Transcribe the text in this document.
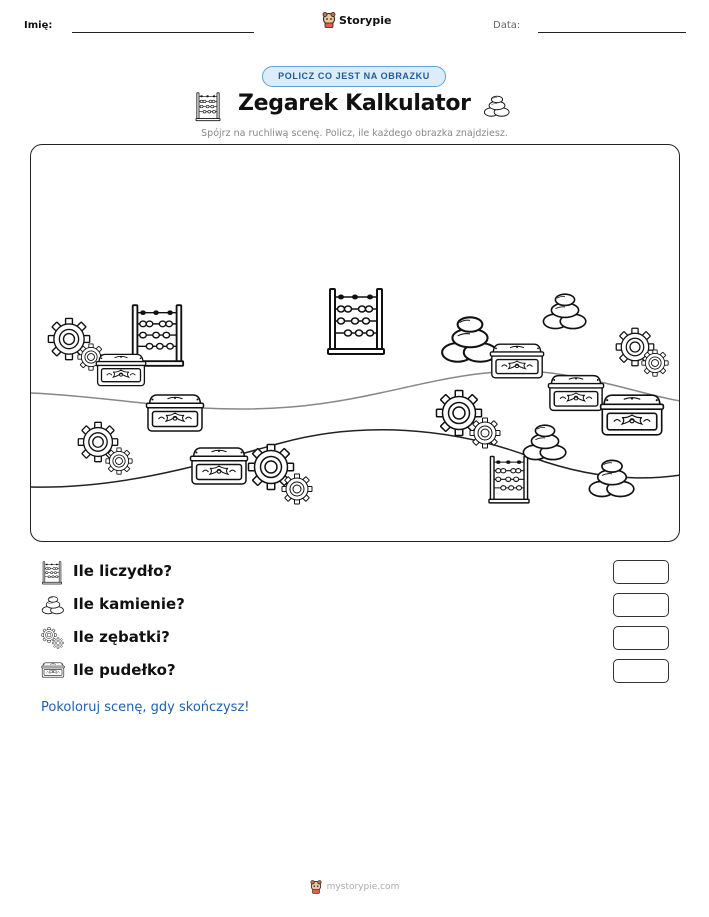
Imię:	Storypie	Data:
POLICZ CO JEST NA OBRAZKU
Zegarek Kalkulator
Spójrz na ruchliwą scenę. Policz, ile każdego obrazka znajdziesz.
Ile liczydło?
Ile kamienie?
Ile zębatki?
Ile pudełko?
Pokoloruj scenę, gdy skończysz!
mystorypie.com
